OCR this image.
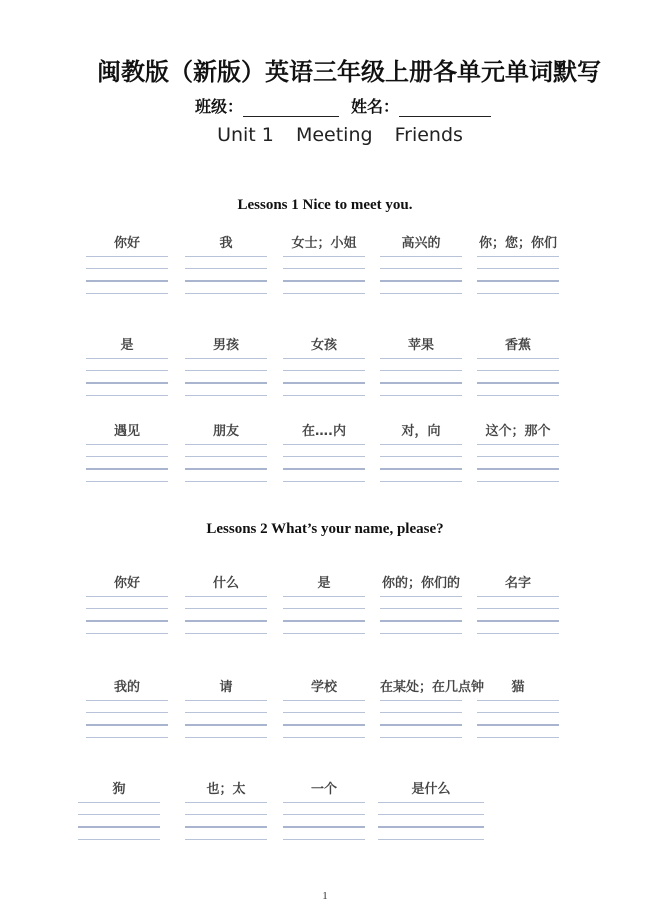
闽教版（新版）英语三年级上册各单元单词默写
班级：	姓名：
Unit 1 Meeting Friends
Lessons 1 Nice to meet you.
你好	我	女士；小姐	高兴的	你；您；你们
是	男孩	女孩	苹果	香蕉
遇见	朋友	在….内	对，向	这个；那个
Lessons 2 What’s your name, please?
你好	什么	是	你的；你们的	名字
我的	请	学校	在某处；在几点钟	猫
狗	也；太	一个	是什么
1
